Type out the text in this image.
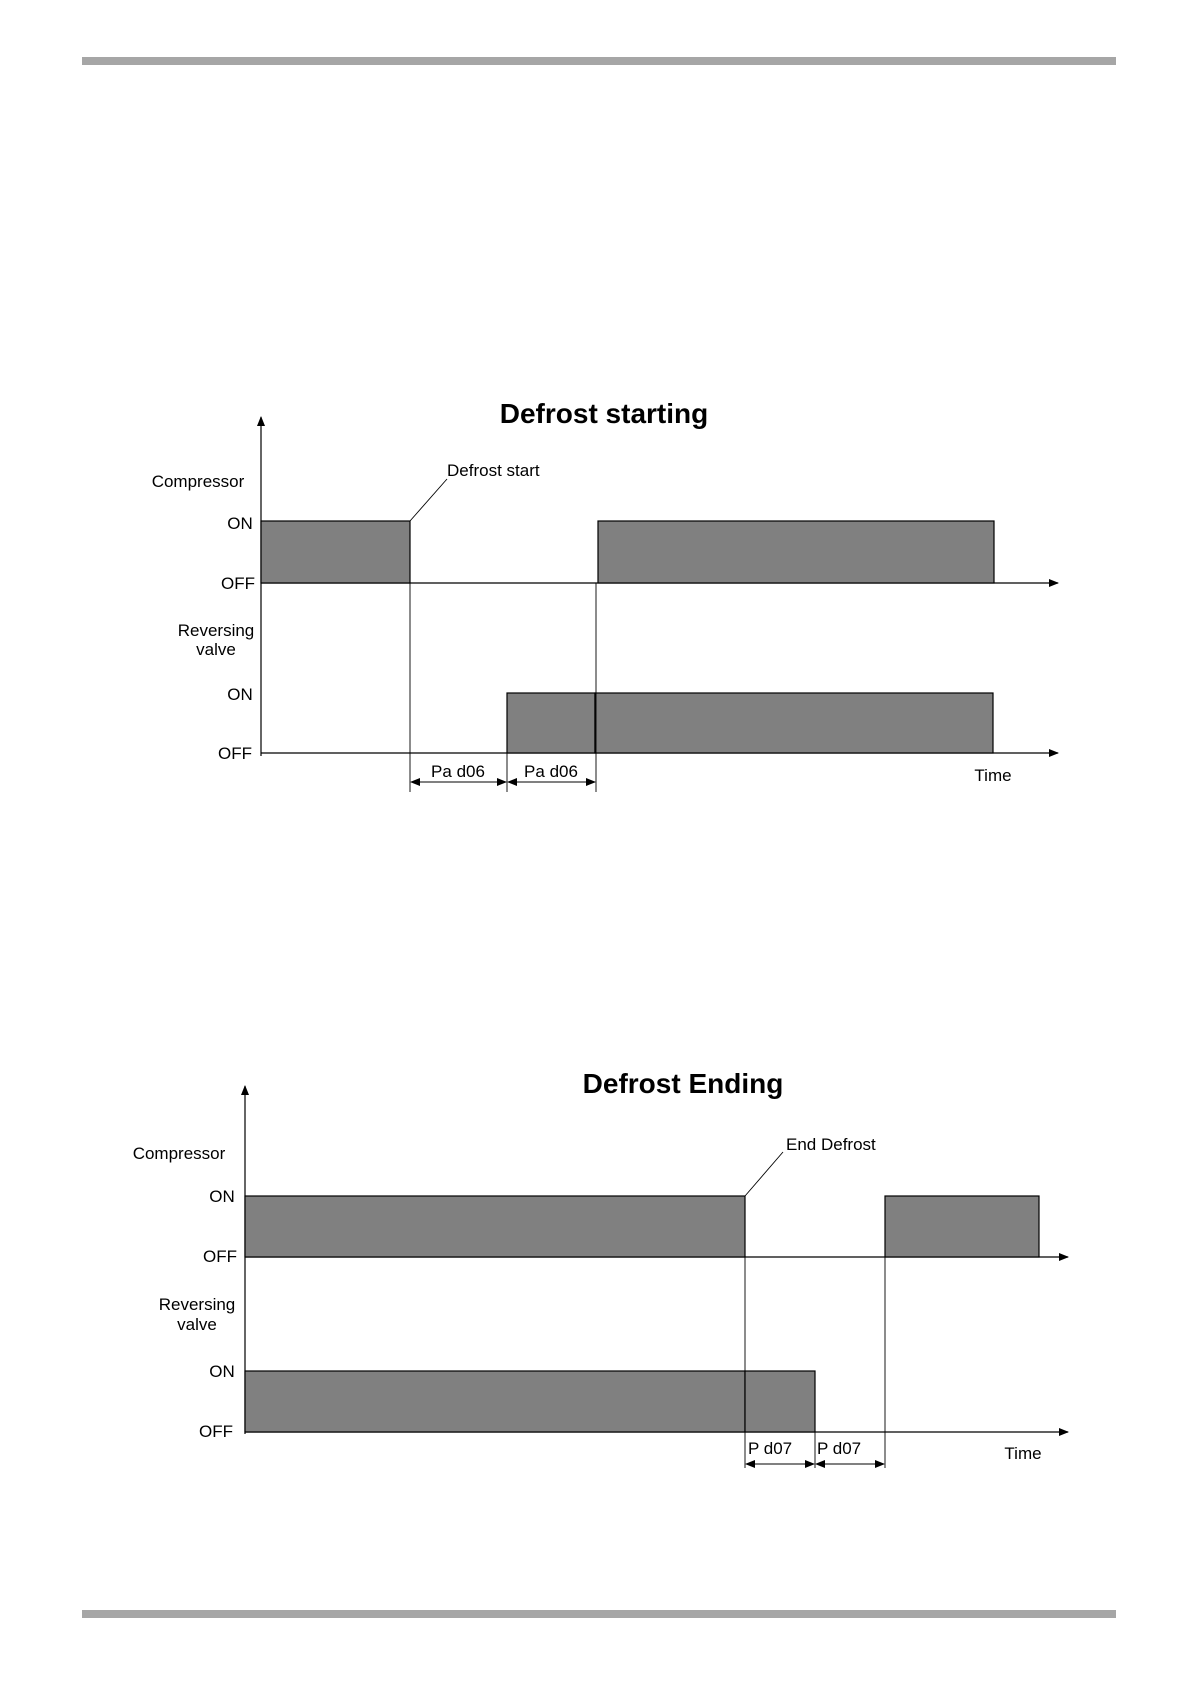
Defrost starting
Defrost start
Pa d06 Pa d06
Compressor
ON
OFF
Reversing
valve
ON
OFF
Time
Defrost Ending
End Defrost
P d07 P d07
Compressor
ON
OFF
Reversing
valve
ON
OFF
Time
